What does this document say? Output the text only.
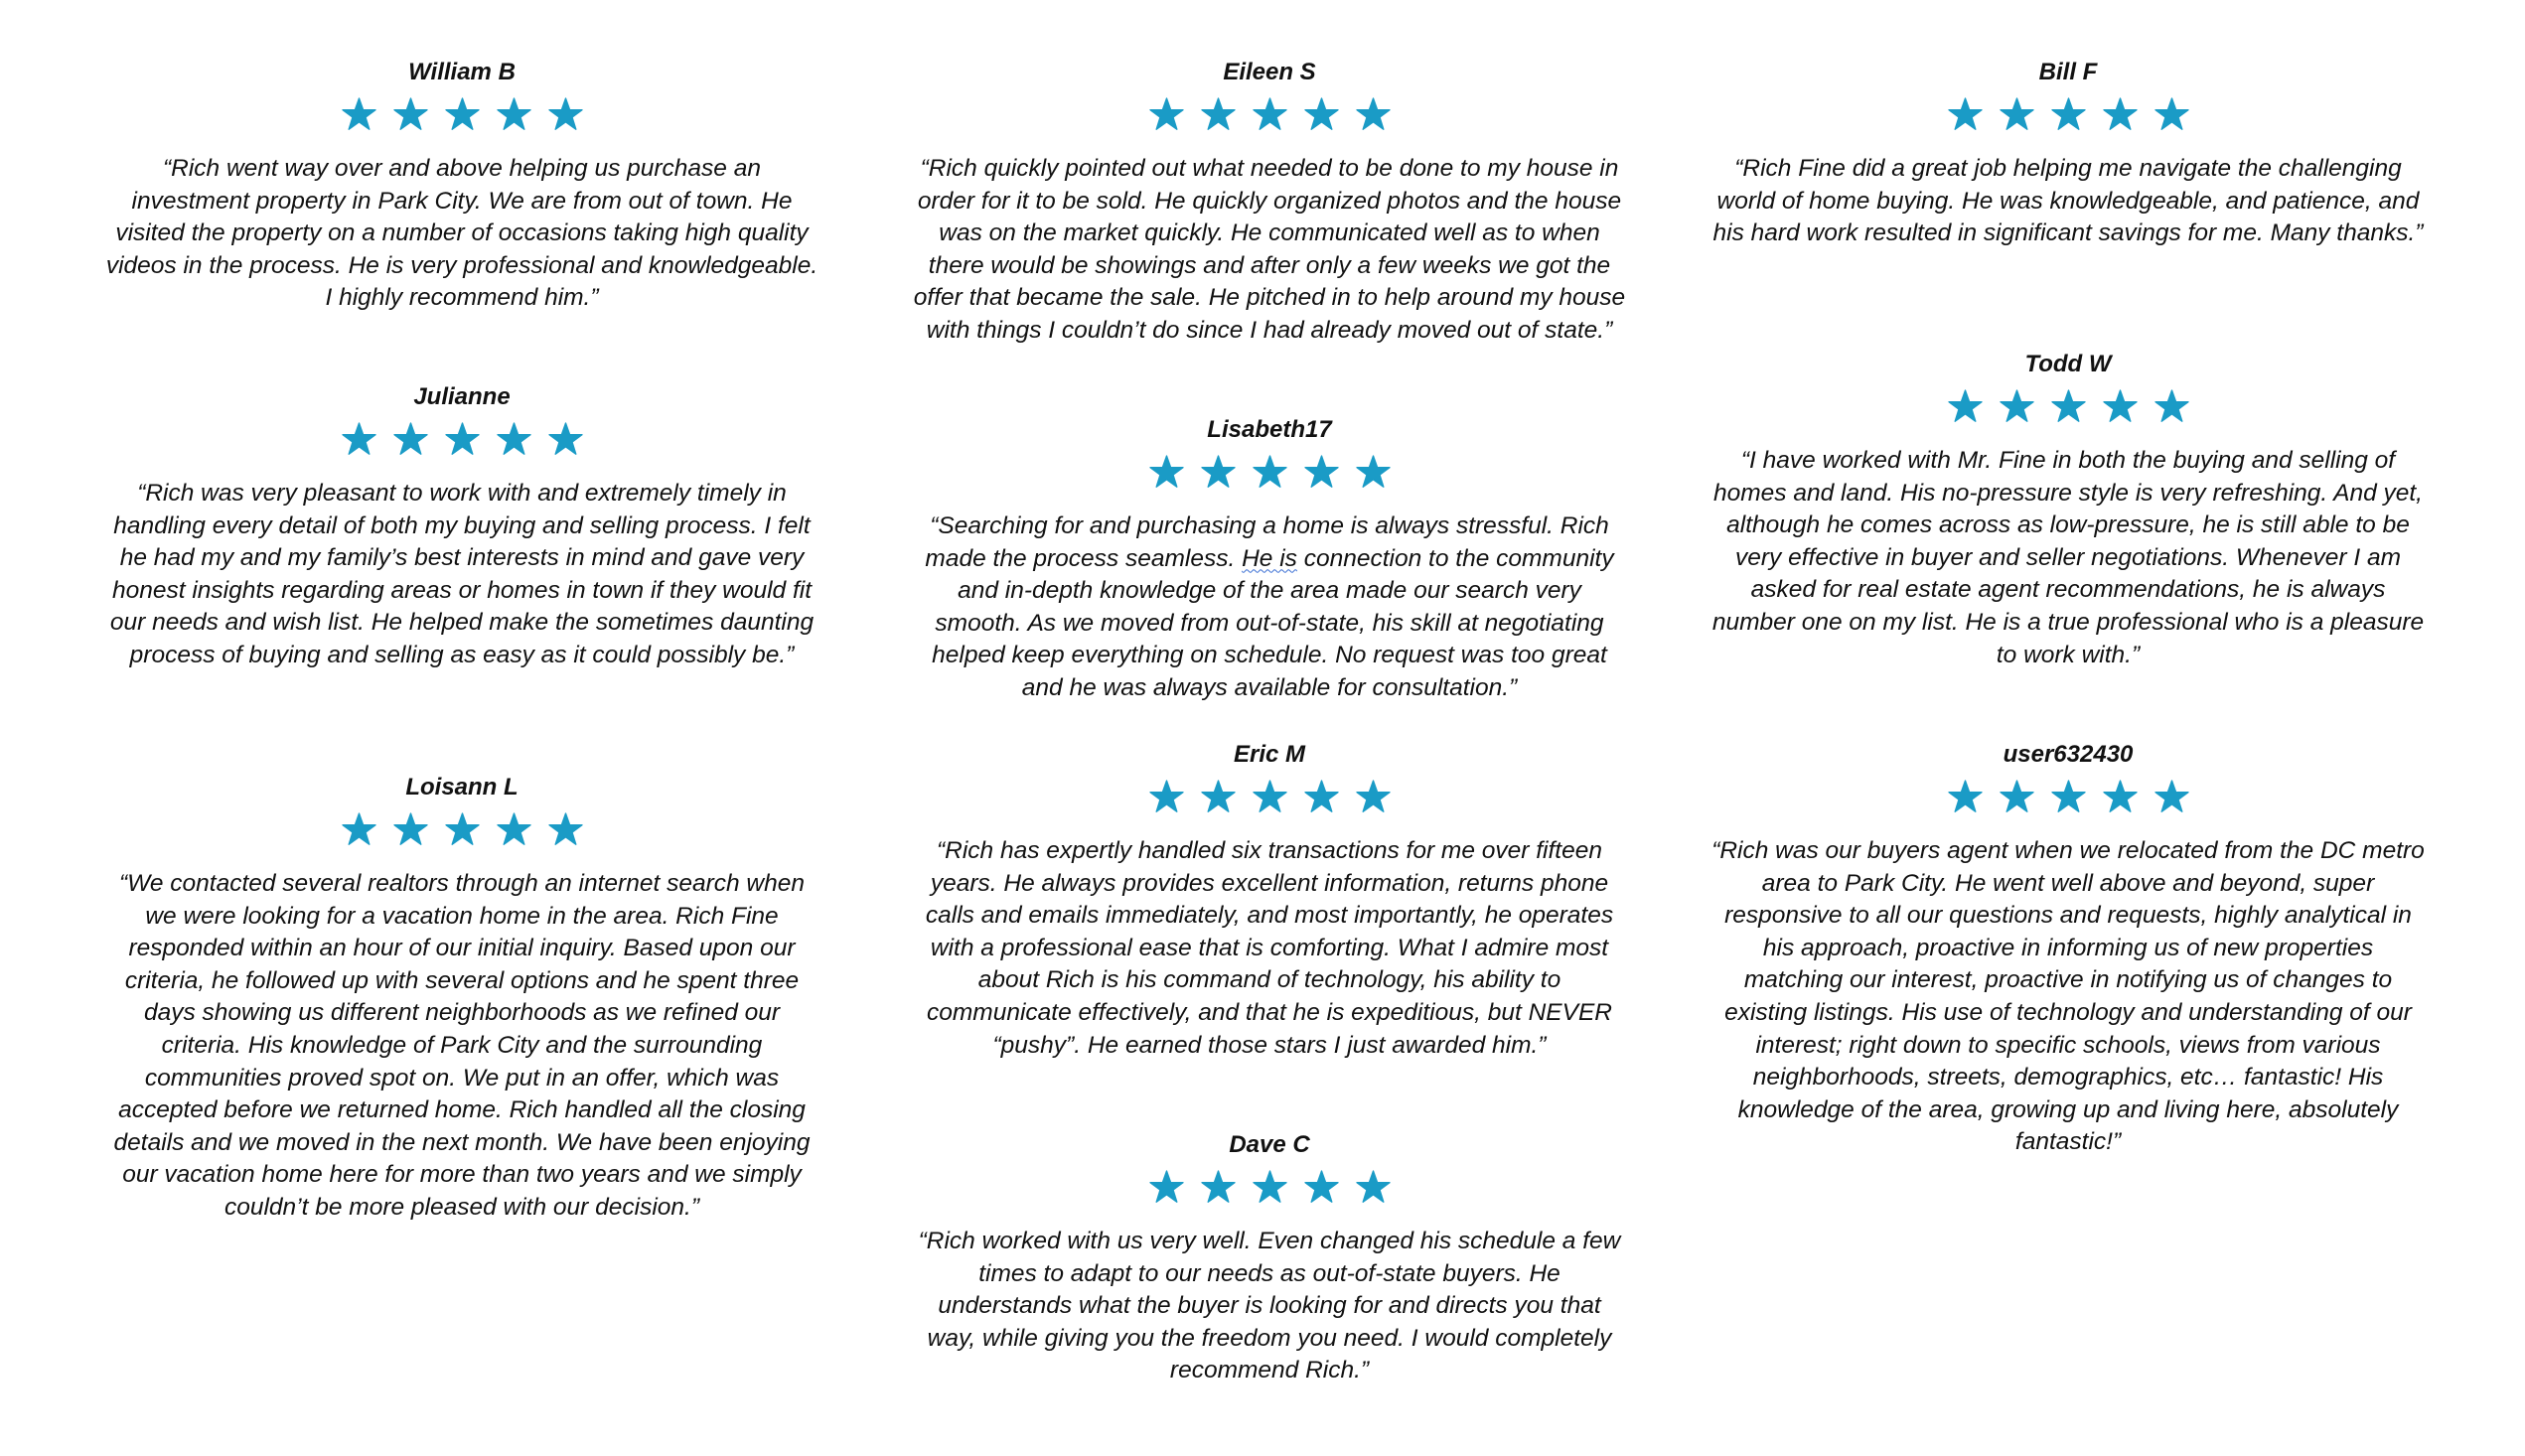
William B

“Rich went way over and above helping us purchase an investment property in Park City. We are from out of town. He visited the property on a number of occasions taking high quality videos in the process. He is very professional and knowledgeable. I highly recommend him.”

Julianne

“Rich was very pleasant to work with and extremely timely in handling every detail of both my buying and selling process. I felt he had my and my family’s best interests in mind and gave very honest insights regarding areas or homes in town if they would fit our needs and wish list. He helped make the sometimes daunting process of buying and selling as easy as it could possibly be.”

Loisann L

“We contacted several realtors through an internet search when we were looking for a vacation home in the area. Rich Fine responded within an hour of our initial inquiry. Based upon our criteria, he followed up with several options and he spent three days showing us different neighborhoods as we refined our criteria. His knowledge of Park City and the surrounding communities proved spot on. We put in an offer, which was accepted before we returned home. Rich handled all the closing details and we moved in the next month. We have been enjoying our vacation home here for more than two years and we simply couldn’t be more pleased with our decision.”

Eileen S

“Rich quickly pointed out what needed to be done to my house in order for it to be sold. He quickly organized photos and the house was on the market quickly. He communicated well as to when there would be showings and after only a few weeks we got the offer that became the sale. He pitched in to help around my house with things I couldn’t do since I had already moved out of state.”

Lisabeth17

“Searching for and purchasing a home is always stressful. Rich made the process seamless. He is connection to the community and in-depth knowledge of the area made our search very smooth. As we moved from out-of-state, his skill at negotiating helped keep everything on schedule. No request was too great and he was always available for consultation.”

Eric M

“Rich has expertly handled six transactions for me over fifteen years. He always provides excellent information, returns phone calls and emails immediately, and most importantly, he operates with a professional ease that is comforting. What I admire most about Rich is his command of technology, his ability to communicate effectively, and that he is expeditious, but NEVER “pushy”. He earned those stars I just awarded him.”

Dave C

“Rich worked with us very well. Even changed his schedule a few times to adapt to our needs as out-of-state buyers. He understands what the buyer is looking for and directs you that way, while giving you the freedom you need. I would completely recommend Rich.”

Bill F

“Rich Fine did a great job helping me navigate the challenging world of home buying. He was knowledgeable, and patience, and his hard work resulted in significant savings for me. Many thanks.”

Todd W

“I have worked with Mr. Fine in both the buying and selling of homes and land. His no-pressure style is very refreshing. And yet, although he comes across as low-pressure, he is still able to be very effective in buyer and seller negotiations. Whenever I am asked for real estate agent recommendations, he is always number one on my list. He is a true professional who is a pleasure to work with.”

user632430

“Rich was our buyers agent when we relocated from the DC metro area to Park City. He went well above and beyond, super responsive to all our questions and requests, highly analytical in his approach, proactive in informing us of new properties matching our interest, proactive in notifying us of changes to existing listings. His use of technology and understanding of our interest; right down to specific schools, views from various neighborhoods, streets, demographics, etc… fantastic! His knowledge of the area, growing up and living here, absolutely fantastic!”
